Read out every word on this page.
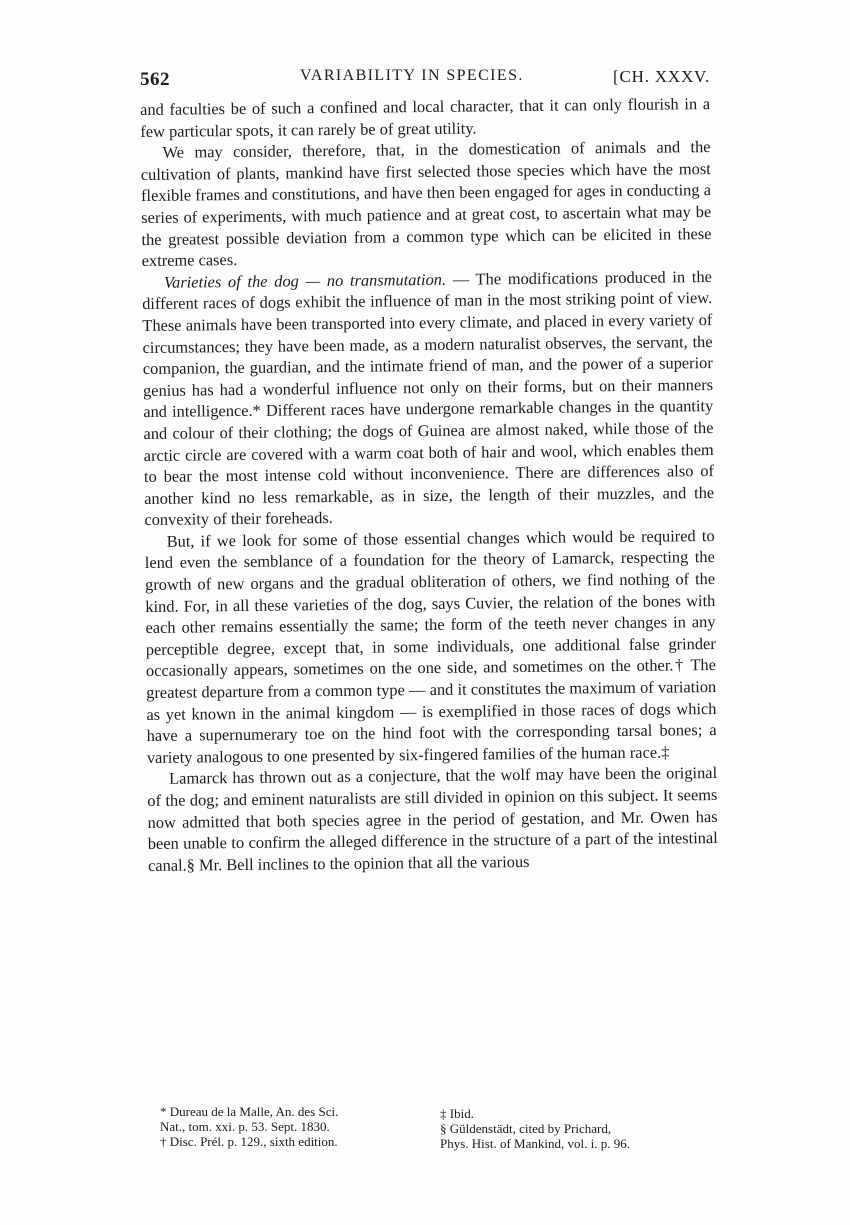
562	VARIABILITY IN SPECIES.	[CH. XXXV.

and faculties be of such a confined and local character, that it can only flourish in a few particular spots, it can rarely be of great utility.

We may consider, therefore, that, in the domestication of animals and the cultivation of plants, mankind have first selected those species which have the most flexible frames and constitutions, and have then been engaged for ages in conducting a series of experiments, with much patience and at great cost, to ascertain what may be the greatest possible deviation from a common type which can be elicited in these extreme cases.

Varieties of the dog — no transmutation. — The modifications produced in the different races of dogs exhibit the influence of man in the most striking point of view. These animals have been transported into every climate, and placed in every variety of circumstances; they have been made, as a modern naturalist observes, the servant, the companion, the guardian, and the intimate friend of man, and the power of a superior genius has had a wonderful influence not only on their forms, but on their manners and intelligence.* Different races have undergone remarkable changes in the quantity and colour of their clothing; the dogs of Guinea are almost naked, while those of the arctic circle are covered with a warm coat both of hair and wool, which enables them to bear the most intense cold without inconvenience. There are differences also of another kind no less remarkable, as in size, the length of their muzzles, and the convexity of their foreheads.

But, if we look for some of those essential changes which would be required to lend even the semblance of a foundation for the theory of Lamarck, respecting the growth of new organs and the gradual obliteration of others, we find nothing of the kind. For, in all these varieties of the dog, says Cuvier, the relation of the bones with each other remains essentially the same; the form of the teeth never changes in any perceptible degree, except that, in some individuals, one additional false grinder occasionally appears, sometimes on the one side, and sometimes on the other.† The greatest departure from a common type — and it constitutes the maximum of variation as yet known in the animal kingdom — is exemplified in those races of dogs which have a supernumerary toe on the hind foot with the corresponding tarsal bones; a variety analogous to one presented by six-fingered families of the human race.‡

Lamarck has thrown out as a conjecture, that the wolf may have been the original of the dog; and eminent naturalists are still divided in opinion on this subject. It seems now admitted that both species agree in the period of gestation, and Mr. Owen has been unable to confirm the alleged difference in the structure of a part of the intestinal canal.§ Mr. Bell inclines to the opinion that all the various

* Dureau de la Malle, An. des Sci.
Nat., tom. xxi. p. 53. Sept. 1830.
† Disc. Prél. p. 129., sixth edition.
‡ Ibid.
§ Güldenstädt, cited by Prichard,
Phys. Hist. of Mankind, vol. i. p. 96.
